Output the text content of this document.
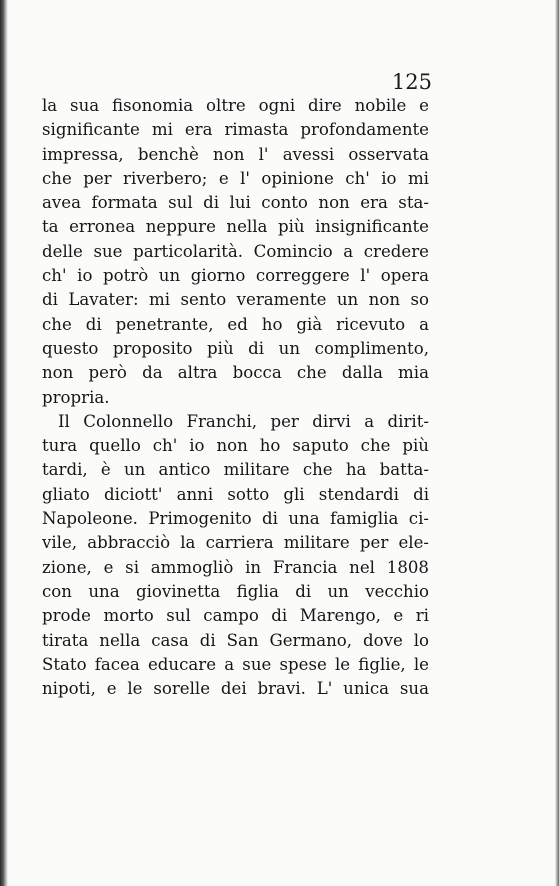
125
la sua fisonomia oltre ogni dire nobile e
significante mi era rimasta profondamente
impressa, benchè non l' avessi osservata
che per riverbero; e l' opinione ch' io mi
avea formata sul di lui conto non era sta-
ta erronea neppure nella più insignificante
delle sue particolarità. Comincio a credere
ch' io potrò un giorno correggere l' opera
di Lavater: mi sento veramente un non so
che di penetrante, ed ho già ricevuto a
questo proposito più di un complimento,
non però da altra bocca che dalla mia
propria.
Il Colonnello Franchi, per dirvi a dirit-
tura quello ch' io non ho saputo che più
tardi, è un antico militare che ha batta-
gliato diciott' anni sotto gli stendardi di
Napoleone. Primogenito di una famiglia ci-
vile, abbracciò la carriera militare per ele-
zione, e si ammogliò in Francia nel 1808
con una giovinetta figlia di un vecchio
prode morto sul campo di Marengo, e ri
tirata nella casa di San Germano, dove lo
Stato facea educare a sue spese le figlie, le
nipoti, e le sorelle dei bravi. L' unica sua
